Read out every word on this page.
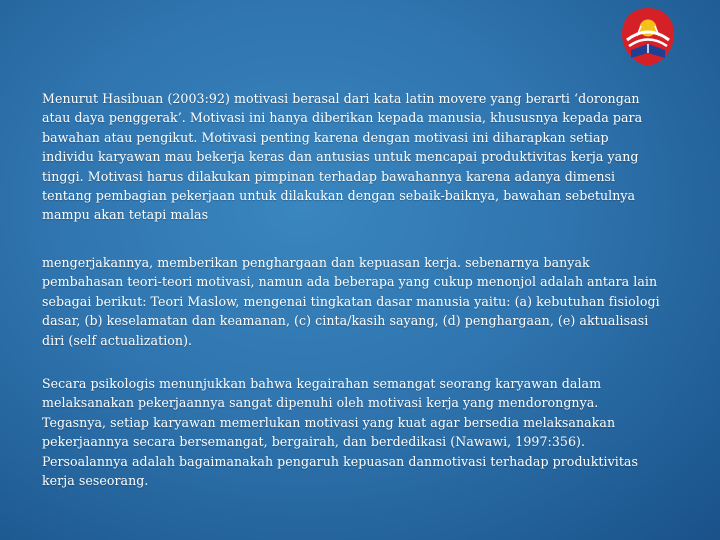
Menurut Hasibuan (2003:92) motivasi berasal dari kata latin movere yang berarti ‘dorongan atau daya penggerak’. Motivasi ini hanya diberikan kepada manusia, khususnya kepada para bawahan atau pengikut. Motivasi penting karena dengan motivasi ini diharapkan setiap individu karyawan mau bekerja keras dan antusias untuk mencapai produktivitas kerja yang tinggi. Motivasi harus dilakukan pimpinan terhadap bawahannya karena adanya dimensi tentang pembagian pekerjaan untuk dilakukan dengan sebaik-baiknya, bawahan sebetulnya mampu akan tetapi malas

mengerjakannya, memberikan penghargaan dan kepuasan kerja. sebenarnya banyak pembahasan teori-teori motivasi, namun ada beberapa yang cukup menonjol adalah antara lain sebagai berikut: Teori Maslow, mengenai tingkatan dasar manusia yaitu: (a) kebutuhan fisiologi dasar, (b) keselamatan dan keamanan, (c) cinta/kasih sayang, (d) penghargaan, (e) aktualisasi diri (self actualization).

Secara psikologis menunjukkan bahwa kegairahan semangat seorang karyawan dalam melaksanakan pekerjaannya sangat dipenuhi oleh motivasi kerja yang mendorongnya. Tegasnya, setiap karyawan memerlukan motivasi yang kuat agar bersedia melaksanakan pekerjaannya secara bersemangat, bergairah, dan berdedikasi (Nawawi, 1997:356). Persoalannya adalah bagaimanakah pengaruh kepuasan danmotivasi terhadap produktivitas kerja seseorang.
